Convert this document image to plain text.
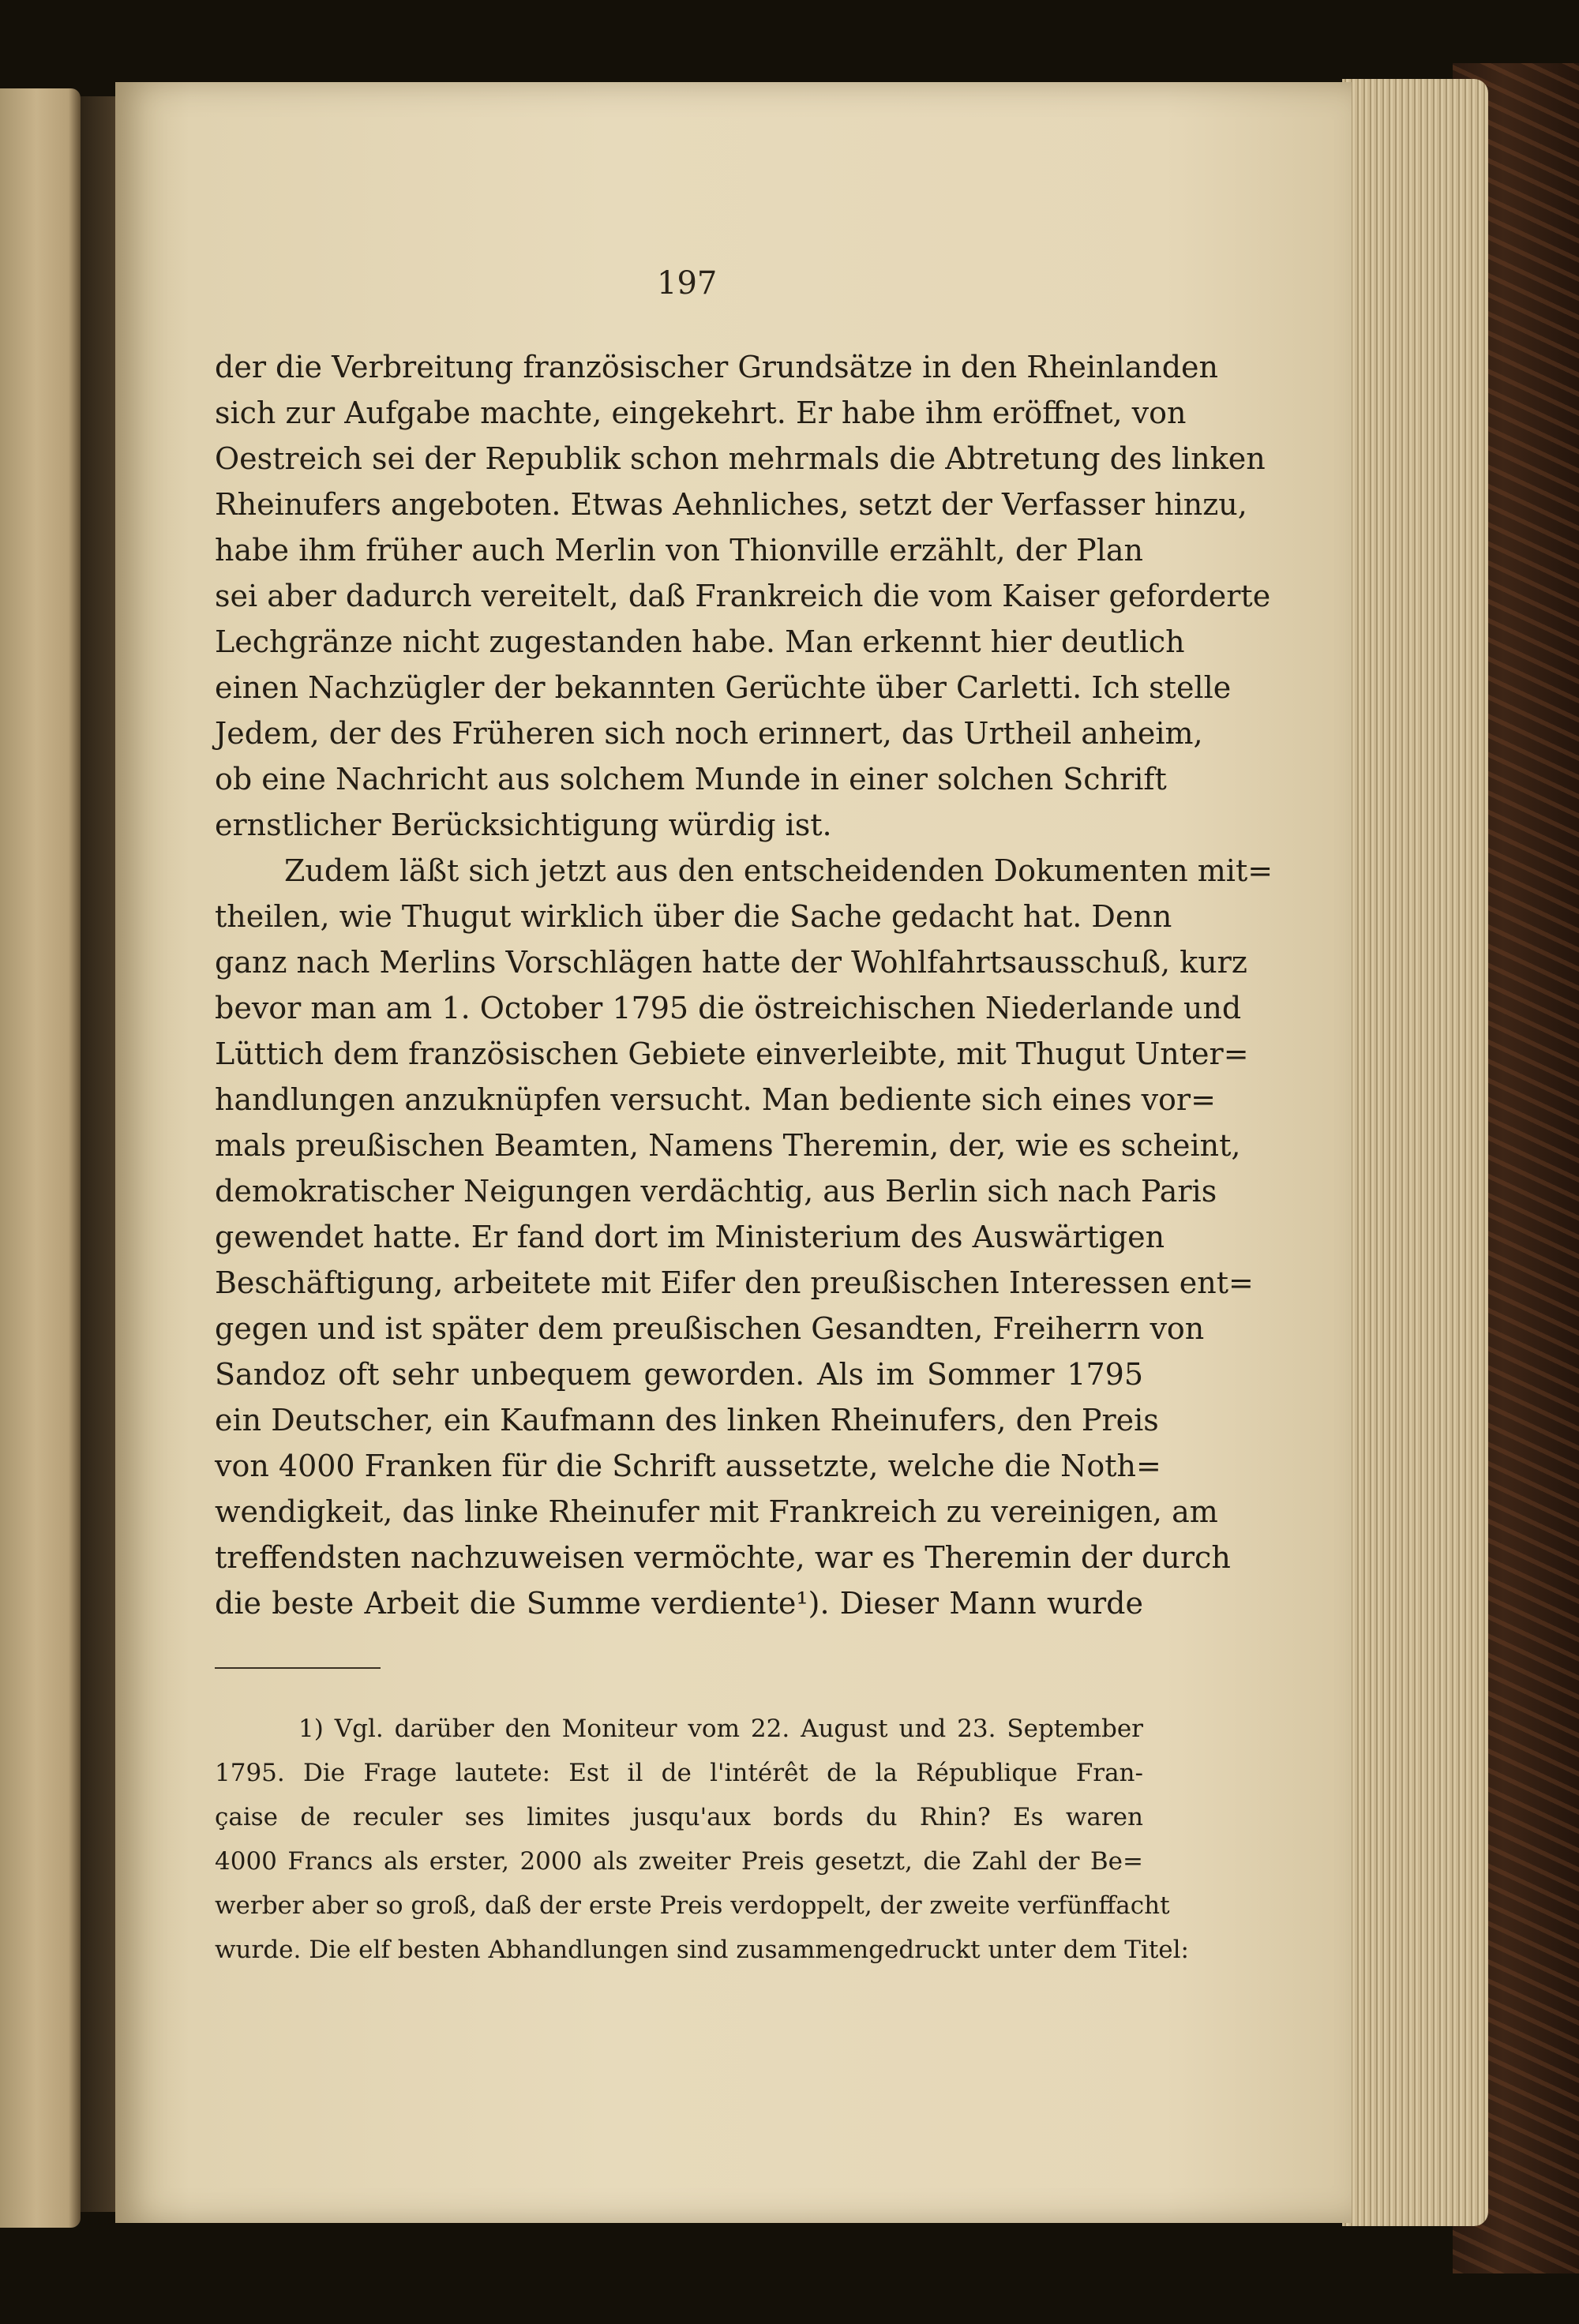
197
der die Verbreitung französischer Grundsätze in den Rheinlanden
sich zur Aufgabe machte, eingekehrt. Er habe ihm eröffnet, von
Oestreich sei der Republik schon mehrmals die Abtretung des linken
Rheinufers angeboten. Etwas Aehnliches, setzt der Verfasser hinzu,
habe ihm früher auch Merlin von Thionville erzählt, der Plan
sei aber dadurch vereitelt, daß Frankreich die vom Kaiser geforderte
Lechgränze nicht zugestanden habe. Man erkennt hier deutlich
einen Nachzügler der bekannten Gerüchte über Carletti. Ich stelle
Jedem, der des Früheren sich noch erinnert, das Urtheil anheim,
ob eine Nachricht aus solchem Munde in einer solchen Schrift
ernstlicher Berücksichtigung würdig ist.
Zudem läßt sich jetzt aus den entscheidenden Dokumenten mit=
theilen, wie Thugut wirklich über die Sache gedacht hat. Denn
ganz nach Merlins Vorschlägen hatte der Wohlfahrtsausschuß, kurz
bevor man am 1. October 1795 die östreichischen Niederlande und
Lüttich dem französischen Gebiete einverleibte, mit Thugut Unter=
handlungen anzuknüpfen versucht. Man bediente sich eines vor=
mals preußischen Beamten, Namens Theremin, der, wie es scheint,
demokratischer Neigungen verdächtig, aus Berlin sich nach Paris
gewendet hatte. Er fand dort im Ministerium des Auswärtigen
Beschäftigung, arbeitete mit Eifer den preußischen Interessen ent=
gegen und ist später dem preußischen Gesandten, Freiherrn von
Sandoz oft sehr unbequem geworden. Als im Sommer 1795
ein Deutscher, ein Kaufmann des linken Rheinufers, den Preis
von 4000 Franken für die Schrift aussetzte, welche die Noth=
wendigkeit, das linke Rheinufer mit Frankreich zu vereinigen, am
treffendsten nachzuweisen vermöchte, war es Theremin der durch
die beste Arbeit die Summe verdiente¹). Dieser Mann wurde
1) Vgl. darüber den Moniteur vom 22. August und 23. September
1795. Die Frage lautete: Est il de l'intérêt de la République Fran-
çaise de reculer ses limites jusqu'aux bords du Rhin? Es waren
4000 Francs als erster, 2000 als zweiter Preis gesetzt, die Zahl der Be=
werber aber so groß, daß der erste Preis verdoppelt, der zweite verfünffacht
wurde. Die elf besten Abhandlungen sind zusammengedruckt unter dem Titel:
